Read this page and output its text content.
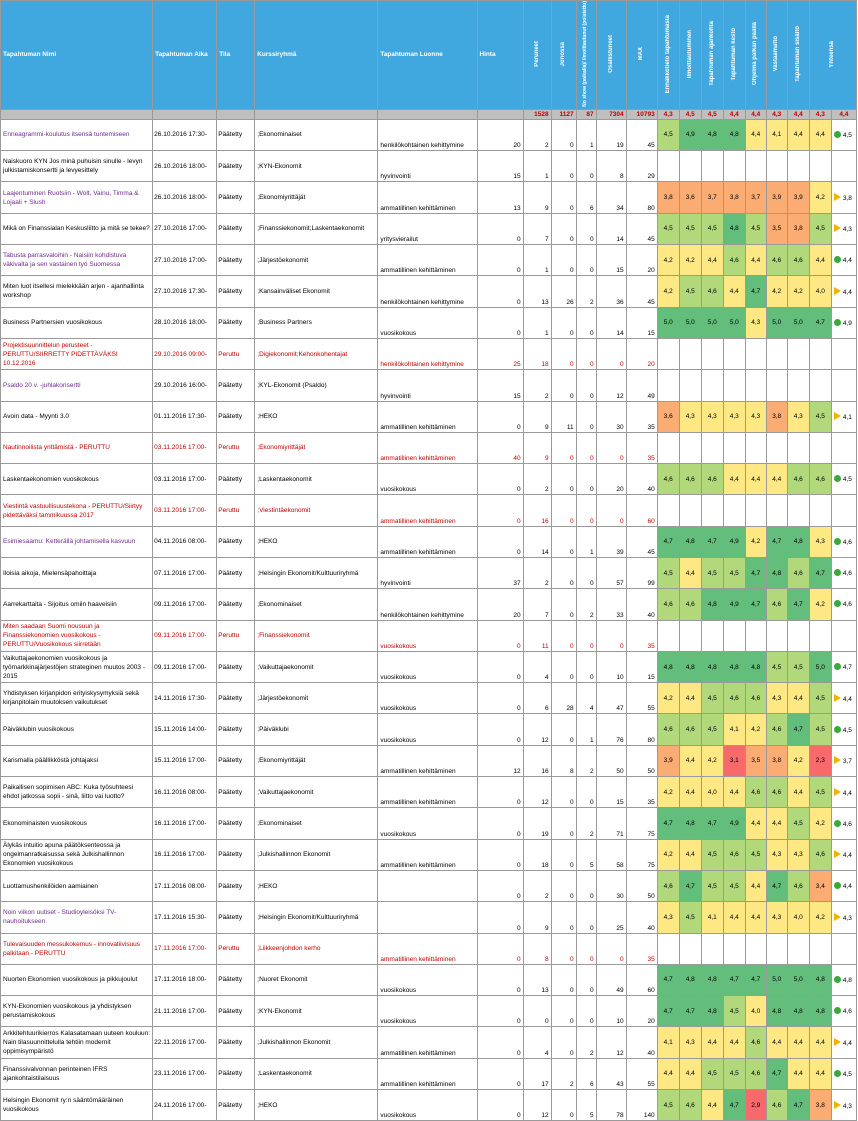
Tapahtuman Nimi	Tapahtuman Aika	Tila	Kurssiryhmä	Tapahtuman Luonne	Hinta	Peruneet	Jonossa	No show (paikalla)/ ilmoittautunut (poistettu)	Osallistuneet	MAX	Ennakkotieto tapahtumasta	Ilmoittautuminen	Tapahtuman ajankohta	Tapahtuman kesto	Ohjelma palkan päällä	Vastaamatto	Tapahtuman sisältö	Yhteensä	
						1528	1127	87	7304	10793	4,3	4,5	4,5	4,4	4,4	4,3	4,4	4,3	4,4
Enneagrammi-koulutus itsensä tuntemiseen	26.10.2016 17:30-	Päätetty	;Ekonominaiset	henkilökohtainen kehittymine	20	2	0	1	19	45	4,5	4,9	4,8	4,8	4,4	4,1	4,4	4,4	4,5
Naiskuoro KYN Jos minä puhuisin sinulle - levyn julkistamiskonsertti ja levyesittely	26.10.2016 18:00-	Päätetty	;KYN-Ekonomit	hyvinvointi	15	1	0	0	8	29									
Laajentuminen Ruotsiin - Wolt, Vainu, Timma & Lojaali + Slush	26.10.2016 18:00-	Päätetty	;Ekonomiyrittäjät	ammatillinen kehittäminen	13	9	0	6	34	80	3,8	3,6	3,7	3,8	3,7	3,9	3,9	4,2	3,8
Mikä on Finanssialan Keskusliitto ja mitä se tekee?	27.10.2016 17:00-	Päätetty	;Finanssiekonomit;Laskentaekonomit	yritysvierailut	0	7	0	0	14	45	4,5	4,5	4,5	4,8	4,5	3,5	3,8	4,5	4,3
Tabusta parrasvaloihin - Naisiin kohdistuva väkivalta ja sen vastainen työ Suomessa	27.10.2016 17:00-	Päätetty	;Järjestöekonomit	ammatillinen kehittäminen	0	1	0	0	15	20	4,2	4,2	4,4	4,6	4,4	4,6	4,6	4,4	4,4
Miten luot itsellesi mielekkään arjen - ajanhallinta workshop	27.10.2016 17:30-	Päätetty	;Kansainväliset Ekonomit	henkilökohtainen kehittymine	0	13	26	2	36	45	4,2	4,5	4,6	4,4	4,7	4,2	4,2	4,0	4,4
Business Partnersien vuosikokous	28.10.2016 18:00-	Päätetty	;Business Partners	vuosikokous	0	1	0	0	14	15	5,0	5,0	5,0	5,0	4,3	5,0	5,0	4,7	4,9
Projektisuunnittelun perusteet - PERUTTU/SIIRRETTY PIDETTÄVÄKSI 10.12.2016	29.10.2016 09:00-	Peruttu	;Digiekonomit;Kehonkohentajat	henkilökohtainen kehittymine	25	18	0	0	0	20									
Psaldo 20 v. -juhlakonsertti	29.10.2016 16:00-	Päätetty	;KYL-Ekonomit (Psaldo)	hyvinvointi	15	2	0	0	12	49									
Avoin data - Myynti 3.0	01.11.2016 17:30-	Päätetty	;HEKO	ammatillinen kehittäminen	0	9	11	0	30	35	3,6	4,3	4,3	4,3	4,3	3,8	4,3	4,5	4,1
Nautinnoilista yrittämistä - PERUTTU	03.11.2016 17:00-	Peruttu	;Ekonomiyrittäjät	ammatillinen kehittäminen	40	9	0	0	0	35									
Laskentaekonomien vuosikokous	03.11.2016 17:00-	Päätetty	;Laskentaekonomit	vuosikokous	0	2	0	0	20	40	4,6	4,6	4,6	4,4	4,4	4,4	4,6	4,6	4,5
Viestintä vastuullisuustekona - PERUTTU/Siirtyy pidettäväksi tammikuussa 2017	03.11.2016 17:00-	Peruttu	;Viestintäekonomit	ammatillinen kehittäminen	0	16	0	0	0	60									
Esimiesaamu: Ketterällä johtamisella kasvuun	04.11.2016 08:00-	Päätetty	;HEKO	ammatillinen kehittäminen	0	14	0	1	39	45	4,7	4,8	4,7	4,9	4,2	4,7	4,8	4,3	4,6
Iloisia aikoja, Mielensäpahoittaja	07.11.2016 17:00-	Päätetty	;Helsingin Ekonomit/Kulttuuriryhmä	hyvinvointi	37	2	0	0	57	99	4,5	4,4	4,5	4,5	4,7	4,8	4,6	4,7	4,6
Aarrekarttaita - Sijoitus omiin haaveisiin	09.11.2016 17:00-	Päätetty	;Ekonominaiset	henkilökohtainen kehittymine	20	7	0	2	33	40	4,6	4,6	4,8	4,9	4,7	4,6	4,7	4,2	4,6
Miten saadaan Suomi nousuun ja Finanssiekonomien vuosikokous - PERUTTU/Vuosikokous siirretään	09.11.2016 17:00-	Peruttu	;Finanssiekonomit	vuosikokous	0	11	0	0	0	35									
Vaikuttajaekonomien vuosikokous ja työmarkkinajärjestöjen strateginen muutos 2003 - 2015	09.11.2016 17:00-	Päätetty	;Vaikuttajaekonomit	vuosikokous	0	4	0	0	10	15	4,8	4,8	4,8	4,8	4,8	4,5	4,5	5,0	4,7
Yhdistyksen kirjanpidon erityiskysymyksiä sekä kirjanpitolain muutoksen vaikutukset	14.11.2016 17:30-	Päätetty	;Järjestöekonomit	vuosikokous	0	6	28	4	47	55	4,2	4,4	4,5	4,6	4,6	4,3	4,4	4,5	4,4
Päiväklubin vuosikokous	15.11.2016 14:00-	Päätetty	;Päiväklubi	vuosikokous	0	12	0	1	76	80	4,6	4,6	4,5	4,1	4,2	4,6	4,7	4,5	4,5
Karismalla päällikköstä johtajaksi	15.11.2016 17:00-	Päätetty	;Ekonomiyrittäjät	ammatillinen kehittäminen	12	16	8	2	50	50	3,9	4,4	4,2	3,1	3,5	3,8	4,2	2,3	3,7
Paikallisen sopimisen ABC: Kuka työsuhteesi ehdot jatkossa sopii - sinä, liitto vai luotto?	16.11.2016 08:00-	Päätetty	;Vaikuttajaekonomit	ammatillinen kehittäminen	0	12	0	0	15	35	4,2	4,4	4,0	4,4	4,6	4,6	4,4	4,5	4,4
Ekonominaisten vuosikokous	16.11.2016 17:00-	Päätetty	;Ekonominaiset	vuosikokous	0	19	0	2	71	75	4,7	4,8	4,7	4,9	4,4	4,4	4,5	4,2	4,6
Älykäs intuitio apuna päätöksenteossa ja ongelmanratkaisussa sekä Julkishallinnon Ekonomien vuosikokous	16.11.2016 17:00-	Päätetty	;Julkishallinnon Ekonomit	ammatillinen kehittäminen	0	18	0	5	58	75	4,2	4,4	4,5	4,6	4,5	4,3	4,3	4,6	4,4
Luottamushenkilöiden aamiainen	17.11.2016 08:00-	Päätetty	;HEKO		0	2	0	0	30	50	4,6	4,7	4,5	4,5	4,4	4,7	4,6	3,4	4,4
Noin viikon uutiset - Studioyleisöksi TV-nauhoitukseen	17.11.2016 15:30-	Päätetty	;Helsingin Ekonomit/Kulttuuriryhmä		0	9	0	0	25	40	4,3	4,5	4,1	4,4	4,4	4,3	4,0	4,2	4,3
Tulevaisuuden messukokemus - innovatiivisuus palkitaan - PERUTTU	17.11.2016 17:00-	Peruttu	;Liikkeenjohdon kerho	ammatillinen kehittäminen	0	8	0	0	0	35									
Nuorten Ekonomien vuosikokous ja pikkujoulut	17.11.2016 18:00-	Päätetty	;Nuoret Ekonomit	vuosikokous	0	13	0	0	49	60	4,7	4,8	4,8	4,7	4,7	5,0	5,0	4,8	4,8
KYN-Ekonomien vuosikokous ja yhdistyksen perustamiskokous	21.11.2016 17:00-	Päätetty	;KYN-Ekonomit	vuosikokous	0	0	0	0	10	20	4,7	4,7	4,8	4,5	4,0	4,8	4,8	4,8	4,6
Arkkitehtuurikierros Kalasatamaan uuteen kouluun: Nain tilasuunnittelulla tehtiin modernit oppimisympäristö	22.11.2016 17:00-	Päätetty	;Julkishallinnon Ekonomit	ammatillinen kehittäminen	0	4	0	2	12	40	4,1	4,3	4,4	4,4	4,6	4,4	4,4	4,4	4,4
Finanssivalvonnan perinteinen IFRS ajankohtaistilaisuus	23.11.2016 17:00-	Päätetty	;Laskentaekonomit	ammatillinen kehittäminen	0	17	2	6	43	55	4,4	4,4	4,5	4,5	4,6	4,7	4,4	4,4	4,5
Helsingin Ekonomit ry:n sääntömääräinen vuosikokous	24.11.2016 17:00-	Päätetty	;HEKO	vuosikokous	0	12	0	5	78	140	4,5	4,6	4,4	4,7	2,9	4,6	4,7	3,8	4,3
